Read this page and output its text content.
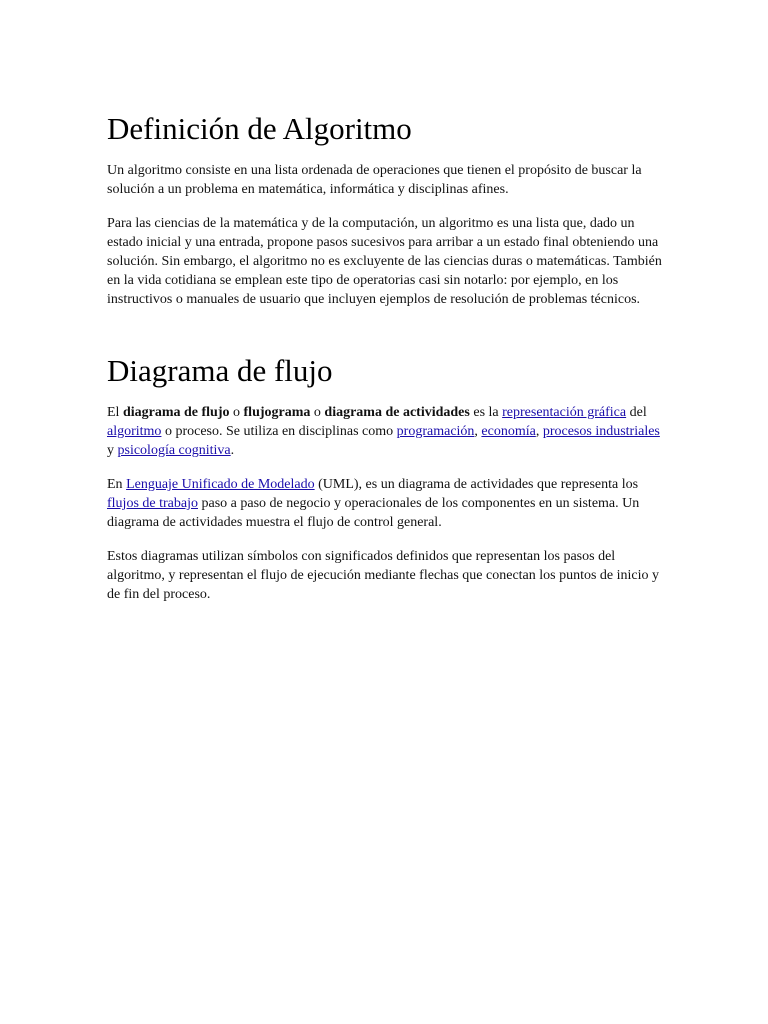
Definición de Algoritmo

Un algoritmo consiste en una lista ordenada de operaciones que tienen el propósito de buscar la solución a un problema en matemática, informática y disciplinas afines.

Para las ciencias de la matemática y de la computación, un algoritmo es una lista que, dado un estado inicial y una entrada, propone pasos sucesivos para arribar a un estado final obteniendo una solución. Sin embargo, el algoritmo no es excluyente de las ciencias duras o matemáticas. También en la vida cotidiana se emplean este tipo de operatorias casi sin notarlo: por ejemplo, en los instructivos o manuales de usuario que incluyen ejemplos de resolución de problemas técnicos.

Diagrama de flujo

El diagrama de flujo o flujograma o diagrama de actividades es la representación gráfica del algoritmo o proceso. Se utiliza en disciplinas como programación, economía, procesos industriales y psicología cognitiva.

En Lenguaje Unificado de Modelado (UML), es un diagrama de actividades que representa los flujos de trabajo paso a paso de negocio y operacionales de los componentes en un sistema. Un diagrama de actividades muestra el flujo de control general.

Estos diagramas utilizan símbolos con significados definidos que representan los pasos del algoritmo, y representan el flujo de ejecución mediante flechas que conectan los puntos de inicio y de fin del proceso.
